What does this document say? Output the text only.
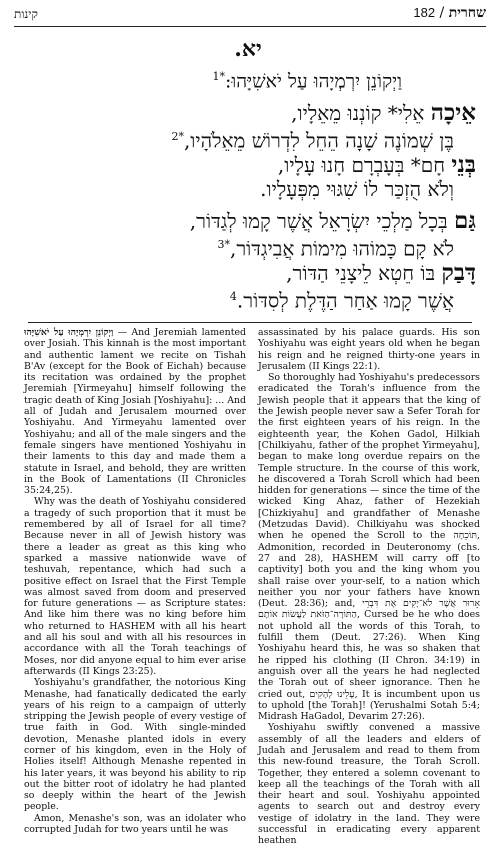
קינות	182 / שחרית
יא.
וַיְקוֹנֵן יִרְמְיָהוּ עַל יֹאשִׁיָּהוּ:$^{*1}$
אֵיכָה אֵלִי* קוֹנְנוּ מֵאֵלָיו,
בֶּן שְׁמוֹנֶה שָׁנָה הֵחֵל לִדְרוֹשׁ מֵאֵלֹהָיו,$^{*2}$
בְּנֵי חָם* בְּעָבְרָם חָנוּ עָלָיו,
וְלֹא הֻזְכַּר לוֹ שִׁגּוּי מִפְּעָלָיו.
גַּם בְּכָל מַלְכֵי יִשְׂרָאֵל אֲשֶׁר קָמוּ לְגַדּוֹר,
לֹא קָם כָּמוֹהוּ מִימוֹת אֲבִיגְדּוֹר,$^{*3}$
דָּבַק בּוֹ חֵטְא לֵיצָנֵי הַדּוֹר,
אֲשֶׁר קָמוּ אַחַר הַדֶּלֶת לְסִדּוֹר.$^4$

וַיְקוֹנֵן יִרְמְיָהוּ עַל יֹאשִׁיָּהוּ — And Jeremiah lamented over Josiah. This kinnah is the most important and authentic lament we recite on Tishah B'Av (except for the Book of Eichah) because its recitation was ordained by the prophet Jeremiah [Yirmeyahu] himself following the tragic death of King Josiah [Yoshiyahu]: ... And all of Judah and Jerusalem mourned over Yoshiyahu. And Yirmeyahu lamented over Yoshiyahu; and all of the male singers and the female singers have mentioned Yoshiyahu in their laments to this day and made them a statute in Israel, and behold, they are written in the Book of Lamentations (II Chronicles 35:24,25).

Why was the death of Yoshiyahu considered a tragedy of such proportion that it must be remembered by all of Israel for all time? Because never in all of Jewish history was there a leader as great as this king who sparked a massive nationwide wave of teshuvah, repentance, which had such a positive effect on Israel that the First Temple was almost saved from doom and preserved for future generations — as Scripture states: And like him there was no king before him who returned to HASHEM with all his heart and all his soul and with all his resources in accordance with all the Torah teachings of Moses, nor did anyone equal to him ever arise afterwards (II Kings 23:25).

Yoshiyahu's grandfather, the notorious King Menashe, had fanatically dedicated the early years of his reign to a campaign of utterly stripping the Jewish people of every vestige of true faith in God. With single-minded devotion, Menashe planted idols in every corner of his kingdom, even in the Holy of Holies itself! Although Menashe repented in his later years, it was beyond his ability to rip out the bitter root of idolatry he had planted so deeply within the heart of the Jewish people.

Amon, Menashe's son, was an idolater who corrupted Judah for two years until he was

assassinated by his palace guards. His son Yoshiyahu was eight years old when he began his reign and he reigned thirty-one years in Jerusalem (II Kings 22:1).

So thoroughly had Yoshiyahu's predecessors eradicated the Torah's influence from the Jewish people that it appears that the king of the Jewish people never saw a Sefer Torah for the first eighteen years of his reign. In the eighteenth year, the Kohen Gadol, Hilkiah [Chilkiyahu, father of the prophet Yirmeyahu], began to make long overdue repairs on the Temple structure. In the course of this work, he discovered a Torah Scroll which had been hidden for generations — since the time of the wicked King Ahaz, father of Hezekiah [Chizkiyahu] and grandfather of Menashe (Metzudas David). Chilkiyahu was shocked when he opened the Scroll to the תּוֹכֵחָה, Admonition, recorded in Deuteronomy (chs. 27 and 28), HASHEM will carry off [to captivity] both you and the king whom you shall raise over your-self, to a nation which neither you nor your fathers have known (Deut. 28:36); and, אָרוּר אֲשֶׁר לֹא־יָקִים אֶת דִּבְרֵי הַתּוֹרָה־הַזֹּאת לַעֲשׂוֹת אוֹתָם, Cursed be he who does not uphold all the words of this Torah, to fulfill them (Deut. 27:26). When King Yoshiyahu heard this, he was so shaken that he ripped his clothing (II Chron. 34:19) in anguish over all the years he had neglected the Torah out of sheer ignorance. Then he cried out, עָלֵינוּ לְהָקִים, It is incumbent upon us to uphold [the Torah]! (Yerushalmi Sotah 5:4; Midrash HaGadol, Devarim 27:26).

Yoshiyahu swiftly convened a massive assembly of all the leaders and elders of Judah and Jerusalem and read to them from this new-found treasure, the Torah Scroll. Together, they entered a solemn covenant to keep all the teachings of the Torah with all their heart and soul. Yoshiyahu appointed agents to search out and destroy every vestige of idolatry in the land. They were successful in eradicating every apparent heathen
